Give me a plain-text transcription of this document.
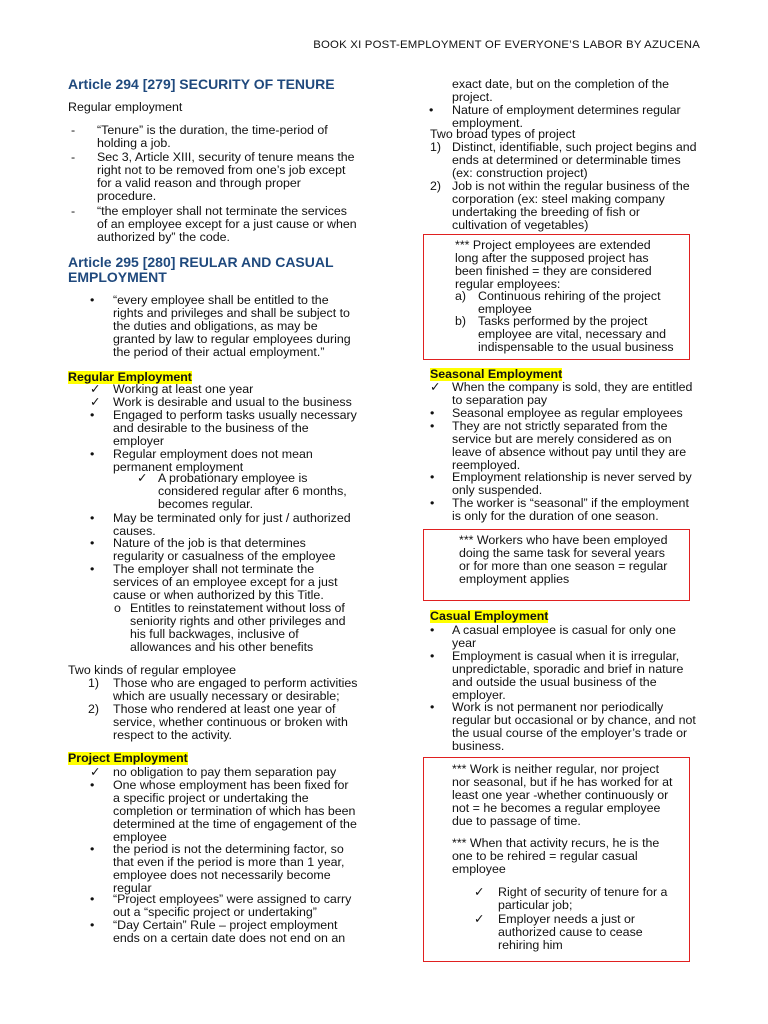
BOOK XI POST-EMPLOYMENT OF EVERYONE’S LABOR BY AZUCENA
Article 294 [279] SECURITY OF TENURE
Regular employment
- “Tenure” is the duration, the time-period of
holding a job.
- Sec 3, Article XIII, security of tenure means the
right not to be removed from one’s job except
for a valid reason and through proper
procedure.
- “the employer shall not terminate the services
of an employee except for a just cause or when
authorized by” the code.
Article 295 [280] REULAR AND CASUAL
EMPLOYMENT
• “every employee shall be entitled to the
rights and privileges and shall be subject to
the duties and obligations, as may be
granted by law to regular employees during
the period of their actual employment.”
Regular Employment
✓ Working at least one year
✓ Work is desirable and usual to the business
• Engaged to perform tasks usually necessary
and desirable to the business of the
employer
• Regular employment does not mean
permanent employment
✓ A probationary employee is
considered regular after 6 months,
becomes regular.
• May be terminated only for just / authorized
causes.
• Nature of the job is that determines
regularity or casualness of the employee
• The employer shall not terminate the
services of an employee except for a just
cause or when authorized by this Title.
o Entitles to reinstatement without loss of
seniority rights and other privileges and
his full backwages, inclusive of
allowances and his other benefits
Two kinds of regular employee
1) Those who are engaged to perform activities
which are usually necessary or desirable;
2) Those who rendered at least one year of
service, whether continuous or broken with
respect to the activity.
Project Employment
✓ no obligation to pay them separation pay
• One whose employment has been fixed for
a specific project or undertaking the
completion or termination of which has been
determined at the time of engagement of the
employee
• the period is not the determining factor, so
that even if the period is more than 1 year,
employee does not necessarily become
regular
• “Project employees” were assigned to carry
out a “specific project or undertaking”
• “Day Certain” Rule – project employment
ends on a certain date does not end on an
exact date, but on the completion of the
project.
• Nature of employment determines regular
employment.
Two broad types of project
1) Distinct, identifiable, such project begins and
ends at determined or determinable times
(ex: construction project)
2) Job is not within the regular business of the
corporation (ex: steel making company
undertaking the breeding of fish or
cultivation of vegetables)
*** Project employees are extended
long after the supposed project has
been finished = they are considered
regular employees:
a) Continuous rehiring of the project
employee
b) Tasks performed by the project
employee are vital, necessary and
indispensable to the usual business
Seasonal Employment
✓ When the company is sold, they are entitled
to separation pay
• Seasonal employee as regular employees
• They are not strictly separated from the
service but are merely considered as on
leave of absence without pay until they are
reemployed.
• Employment relationship is never served by
only suspended.
• The worker is “seasonal” if the employment
is only for the duration of one season.
*** Workers who have been employed
doing the same task for several years
or for more than one season = regular
employment applies
Casual Employment
• A casual employee is casual for only one
year
• Employment is casual when it is irregular,
unpredictable, sporadic and brief in nature
and outside the usual business of the
employer.
• Work is not permanent nor periodically
regular but occasional or by chance, and not
the usual course of the employer’s trade or
business.
*** Work is neither regular, nor project
nor seasonal, but if he has worked for at
least one year -whether continuously or
not = he becomes a regular employee
due to passage of time.
*** When that activity recurs, he is the
one to be rehired = regular casual
employee
✓ Right of security of tenure for a
particular job;
✓ Employer needs a just or
authorized cause to cease
rehiring him
